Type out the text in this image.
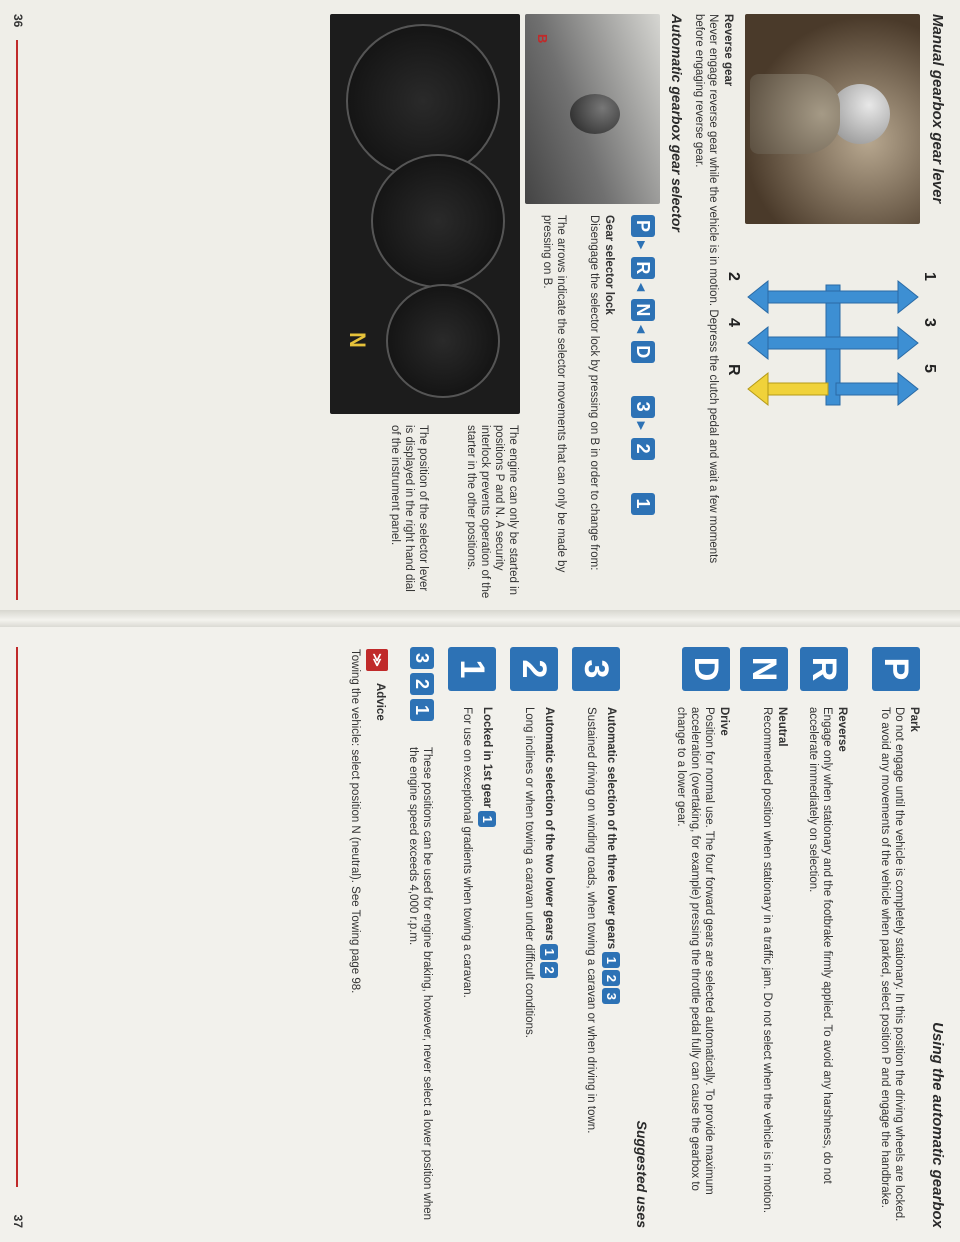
Manual gearbox gear lever
1
3
5
2
4
R
Reverse gear
Never engage reverse gear while the vehicle is in motion. Depress the clutch pedal and wait a few moments before engaging reverse gear.
Automatic gearbox gear selector
B
P▶ R◀ N◀ D  3▶ 2  1
Gear selector lock
Disengage the selector lock by pressing on B in order to change from:
The arrows indicate the selector movements that can only be made by pressing on B.
N
The engine can only be started in positions P and N. A security interlock prevents operation of the starter in the other positions.
The position of the selector lever is displayed in the right hand dial of the instrument panel.
36
Using the automatic gearbox
P
Park
Do not engage until the vehicle is completely stationary. In this position the driving wheels are locked. To avoid any movements of the vehicle when parked, select position P and engage the handbrake.
R
Reverse
Engage only when stationary and the footbrake firmly applied. To avoid any harshness, do not accelerate immediately on selection.
N
Neutral
Recommended position when stationary in a traffic jam. Do not select when the vehicle is in motion.
D
Drive
Position for normal use. The four forward gears are selected automatically. To provide maximum acceleration (overtaking, for example) pressing the throttle pedal fully can cause the gearbox to change to a lower gear.
Suggested uses
3
Automatic selection of the three lower gears 123
Sustained driving on winding roads, when towing a caravan or when driving in town.
2
Automatic selection of the two lower gears 12
Long inclines or when towing a caravan under difficult conditions.
1
Locked in 1st gear 1
For use on exceptional gradients when towing a caravan.
321
These positions can be used for engine braking, however, never select a lower position when the engine speed exceeds 4,000 r.p.m.
≫
Advice
Towing the vehicle: select position N (neutral). See Towing page 98.
37
